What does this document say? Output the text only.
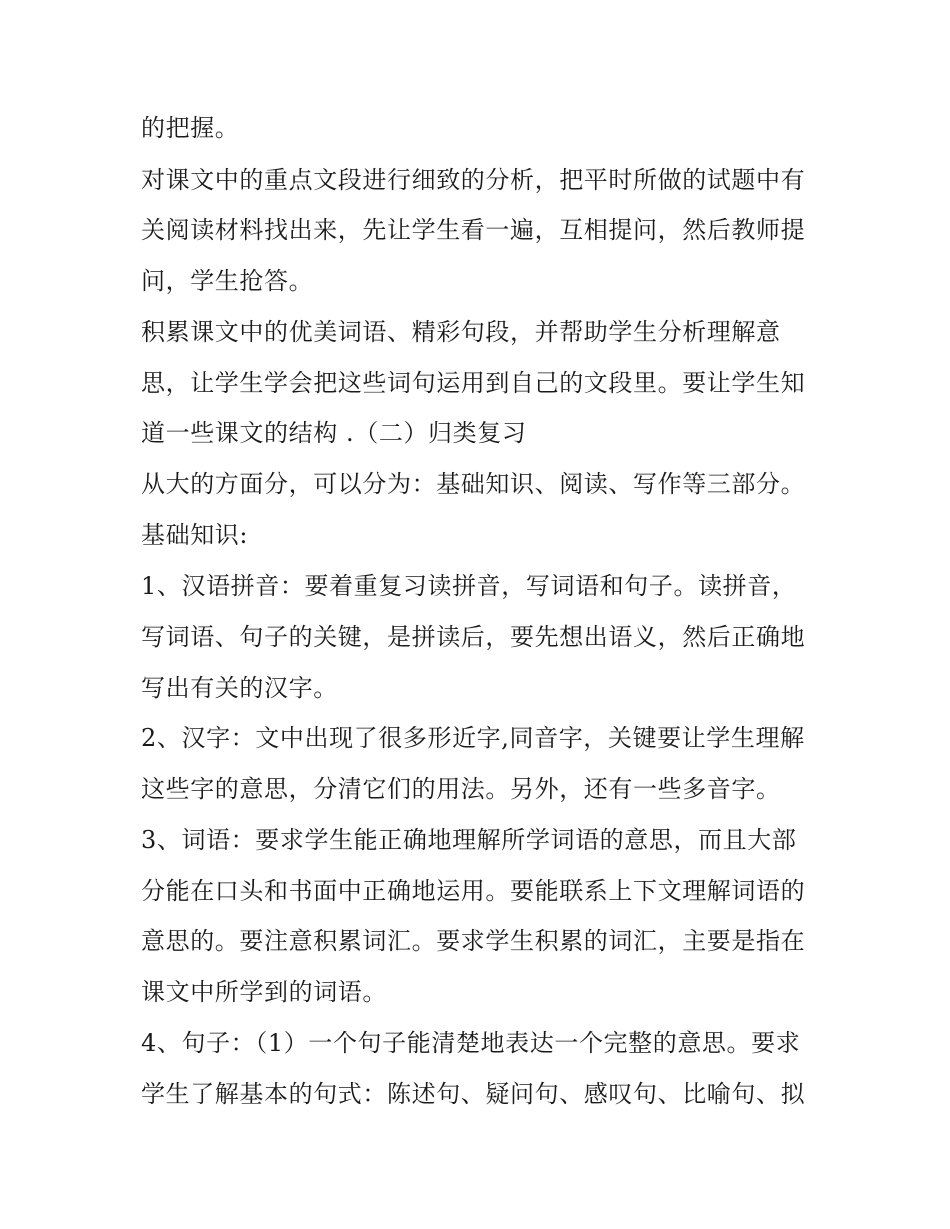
的把握。
对课文中的重点文段进行细致的分析，把平时所做的试题中有
关阅读材料找出来，先让学生看一遍，互相提问，然后教师提
问，学生抢答。
积累课文中的优美词语、精彩句段，并帮助学生分析理解意
思，让学生学会把这些词句运用到自己的文段里。要让学生知
道一些课文的结构 .（二）归类复习
从大的方面分，可以分为：基础知识、阅读、写作等三部分。
基础知识:
1、汉语拼音：要着重复习读拼音，写词语和句子。读拼音，
写词语、句子的关键，是拼读后，要先想出语义，然后正确地
写出有关的汉字。
2、汉字：文中出现了很多形近字,同音字，关键要让学生理解
这些字的意思，分清它们的用法。另外，还有一些多音字。
3、词语：要求学生能正确地理解所学词语的意思，而且大部
分能在口头和书面中正确地运用。要能联系上下文理解词语的
意思的。要注意积累词汇。要求学生积累的词汇，主要是指在
课文中所学到的词语。
4、句子：（1）一个句子能清楚地表达一个完整的意思。要求
学生了解基本的句式：陈述句、疑问句、感叹句、比喻句、拟
